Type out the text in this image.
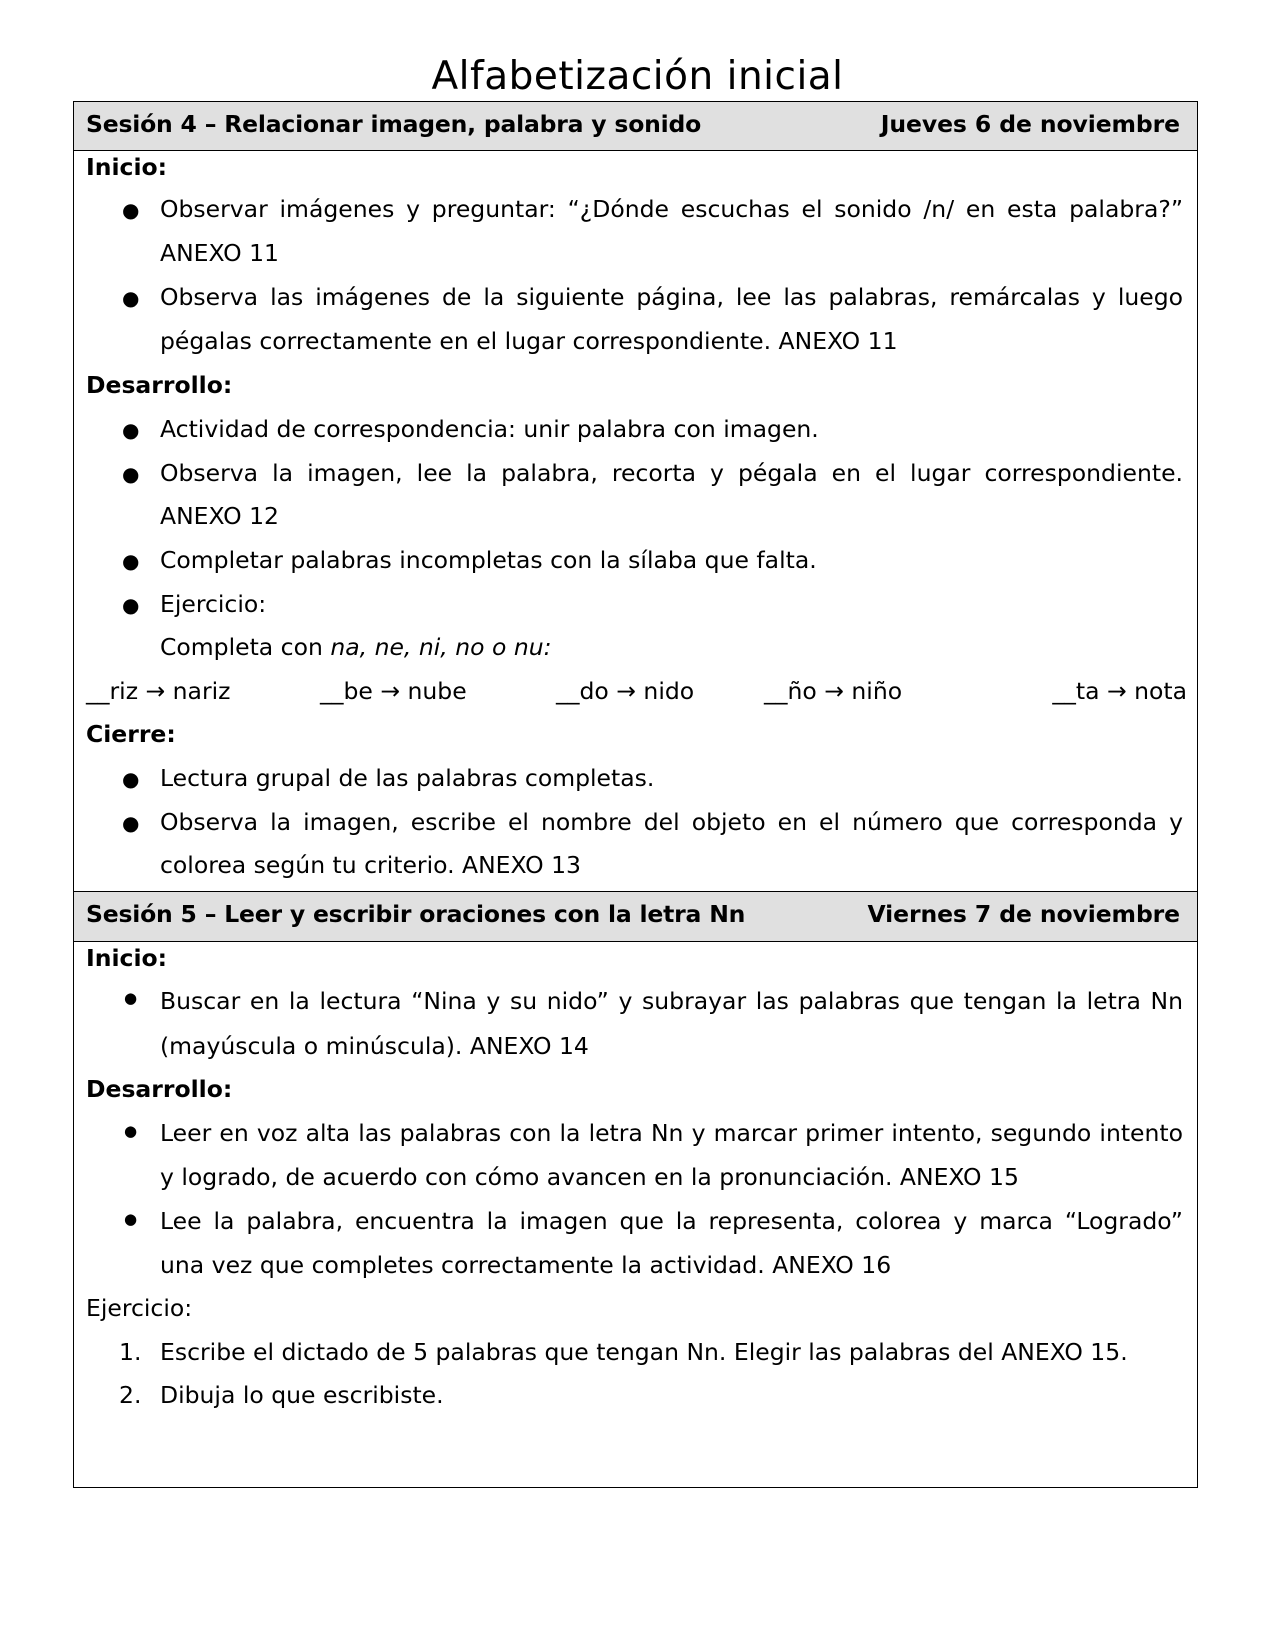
Alfabetización inicial
Sesión 4 – Relacionar imagen, palabra y sonido	Jueves 6 de noviembre
Inicio:
● Observar imágenes y preguntar: “¿Dónde escuchas el sonido /n/ en esta palabra?”
ANEXO 11
● Observa las imágenes de la siguiente página, lee las palabras, remárcalas y luego
pégalas correctamente en el lugar correspondiente. ANEXO 11
Desarrollo:
● Actividad de correspondencia: unir palabra con imagen.
● Observa la imagen, lee la palabra, recorta y pégala en el lugar correspondiente.
ANEXO 12
● Completar palabras incompletas con la sílaba que falta.
● Ejercicio:
Completa con na, ne, ni, no o nu:
__riz → nariz	__be → nube	__do → nido	__ño → niño	__ta → nota
Cierre:
● Lectura grupal de las palabras completas.
● Observa la imagen, escribe el nombre del objeto en el número que corresponda y
colorea según tu criterio. ANEXO 13
Sesión 5 – Leer y escribir oraciones con la letra Nn	Viernes 7 de noviembre
Inicio:
● Buscar en la lectura “Nina y su nido” y subrayar las palabras que tengan la letra Nn
(mayúscula o minúscula). ANEXO 14
Desarrollo:
● Leer en voz alta las palabras con la letra Nn y marcar primer intento, segundo intento
y logrado, de acuerdo con cómo avancen en la pronunciación. ANEXO 15
● Lee la palabra, encuentra la imagen que la representa, colorea y marca “Logrado”
una vez que completes correctamente la actividad. ANEXO 16
Ejercicio:
1. Escribe el dictado de 5 palabras que tengan Nn. Elegir las palabras del ANEXO 15.
2. Dibuja lo que escribiste.
